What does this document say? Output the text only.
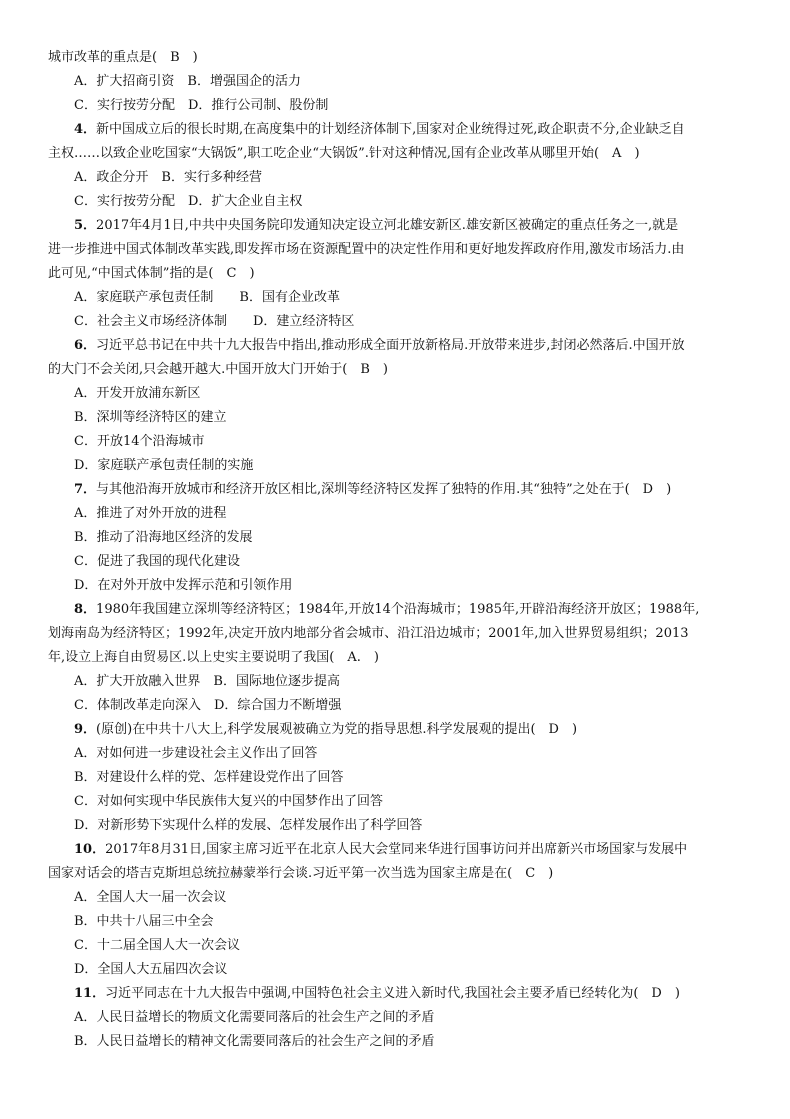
城市改革的重点是(　B　)
A．扩大招商引资　B．增强国企的活力
C．实行按劳分配　D．推行公司制、股份制
4．新中国成立后的很长时期,在高度集中的计划经济体制下,国家对企业统得过死,政企职责不分,企业缺乏自
主权……以致企业吃国家“大锅饭”,职工吃企业“大锅饭”.针对这种情况,国有企业改革从哪里开始(　A　)
A．政企分开　B．实行多种经营
C．实行按劳分配　D．扩大企业自主权
5．2017年4月1日,中共中央国务院印发通知决定设立河北雄安新区.雄安新区被确定的重点任务之一,就是
进一步推进中国式体制改革实践,即发挥市场在资源配置中的决定性作用和更好地发挥政府作用,激发市场活力.由
此可见,“中国式体制”指的是(　C　)
A．家庭联产承包责任制　　B．国有企业改革
C．社会主义市场经济体制　　D．建立经济特区
6．习近平总书记在中共十九大报告中指出,推动形成全面开放新格局.开放带来进步,封闭必然落后.中国开放
的大门不会关闭,只会越开越大.中国开放大门开始于(　B　)
A．开发开放浦东新区
B．深圳等经济特区的建立
C．开放14个沿海城市
D．家庭联产承包责任制的实施
7．与其他沿海开放城市和经济开放区相比,深圳等经济特区发挥了独特的作用.其“独特”之处在于(　D　)
A．推进了对外开放的进程
B．推动了沿海地区经济的发展
C．促进了我国的现代化建设
D．在对外开放中发挥示范和引领作用
8．1980年我国建立深圳等经济特区；1984年,开放14个沿海城市；1985年,开辟沿海经济开放区；1988年,
划海南岛为经济特区；1992年,决定开放内地部分省会城市、沿江沿边城市；2001年,加入世界贸易组织；2013
年,设立上海自由贸易区.以上史实主要说明了我国(　A.　)
A．扩大开放融入世界　B．国际地位逐步提高
C．体制改革走向深入　D．综合国力不断增强
9．(原创)在中共十八大上,科学发展观被确立为党的指导思想.科学发展观的提出(　D　)
A．对如何进一步建设社会主义作出了回答
B．对建设什么样的党、怎样建设党作出了回答
C．对如何实现中华民族伟大复兴的中国梦作出了回答
D．对新形势下实现什么样的发展、怎样发展作出了科学回答
10．2017年8月31日,国家主席习近平在北京人民大会堂同来华进行国事访问并出席新兴市场国家与发展中
国家对话会的塔吉克斯坦总统拉赫蒙举行会谈.习近平第一次当选为国家主席是在(　C　)
A．全国人大一届一次会议
B．中共十八届三中全会
C．十二届全国人大一次会议
D．全国人大五届四次会议
11．习近平同志在十九大报告中强调,中国特色社会主义进入新时代,我国社会主要矛盾已经转化为(　D　)
A．人民日益增长的物质文化需要同落后的社会生产之间的矛盾
B．人民日益增长的精神文化需要同落后的社会生产之间的矛盾
